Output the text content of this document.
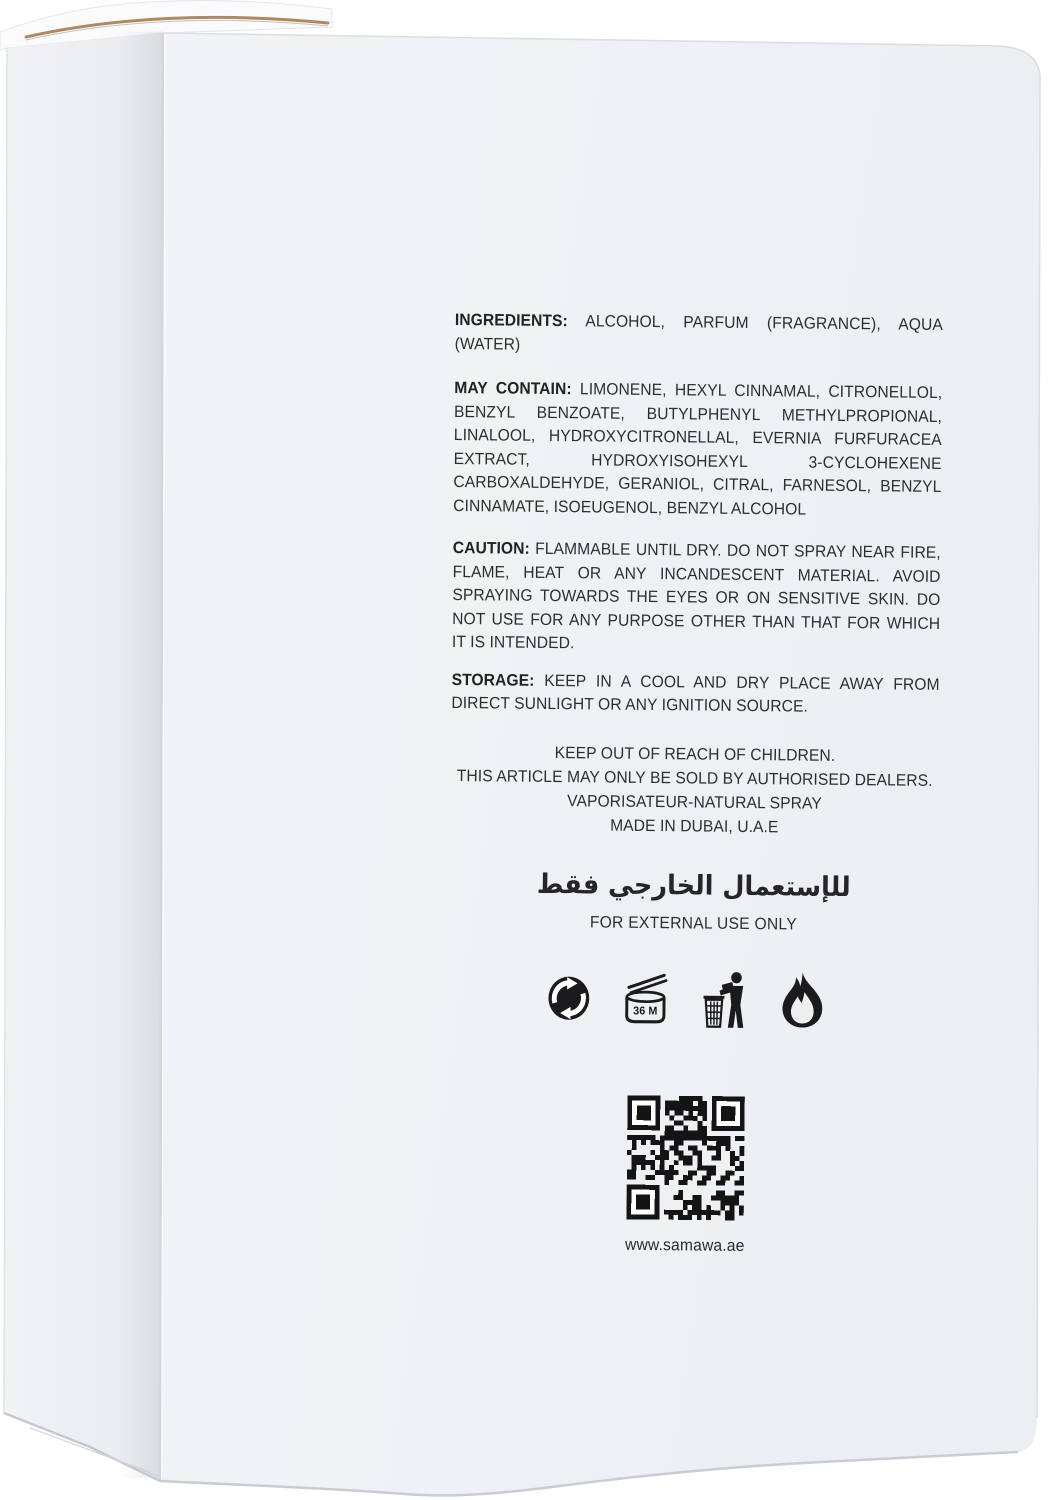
INGREDIENTS: ALCOHOL, PARFUM (FRAGRANCE), AQUA (WATER)

MAY CONTAIN: LIMONENE, HEXYL CINNAMAL, CITRONELLOL, BENZYL BENZOATE, BUTYLPHENYL METHYLPROPIONAL, LINALOOL, HYDROXYCITRONELLAL, EVERNIA FURFURACEA EXTRACT, HYDROXYISOHEXYL 3-CYCLOHEXENE CARBOXALDEHYDE, GERANIOL, CITRAL, FARNESOL, BENZYL CINNAMATE, ISOEUGENOL, BENZYL ALCOHOL

CAUTION: FLAMMABLE UNTIL DRY. DO NOT SPRAY NEAR FIRE, FLAME, HEAT OR ANY INCANDESCENT MATERIAL. AVOID SPRAYING TOWARDS THE EYES OR ON SENSITIVE SKIN. DO NOT USE FOR ANY PURPOSE OTHER THAN THAT FOR WHICH IT IS INTENDED.

STORAGE: KEEP IN A COOL AND DRY PLACE AWAY FROM DIRECT SUNLIGHT OR ANY IGNITION SOURCE.

KEEP OUT OF REACH OF CHILDREN.
THIS ARTICLE MAY ONLY BE SOLD BY AUTHORISED DEALERS.
VAPORISATEUR-NATURAL SPRAY
MADE IN DUBAI, U.A.E
للإستعمال الخارجي فقط
FOR EXTERNAL USE ONLY
36 M
www.samawa.ae
